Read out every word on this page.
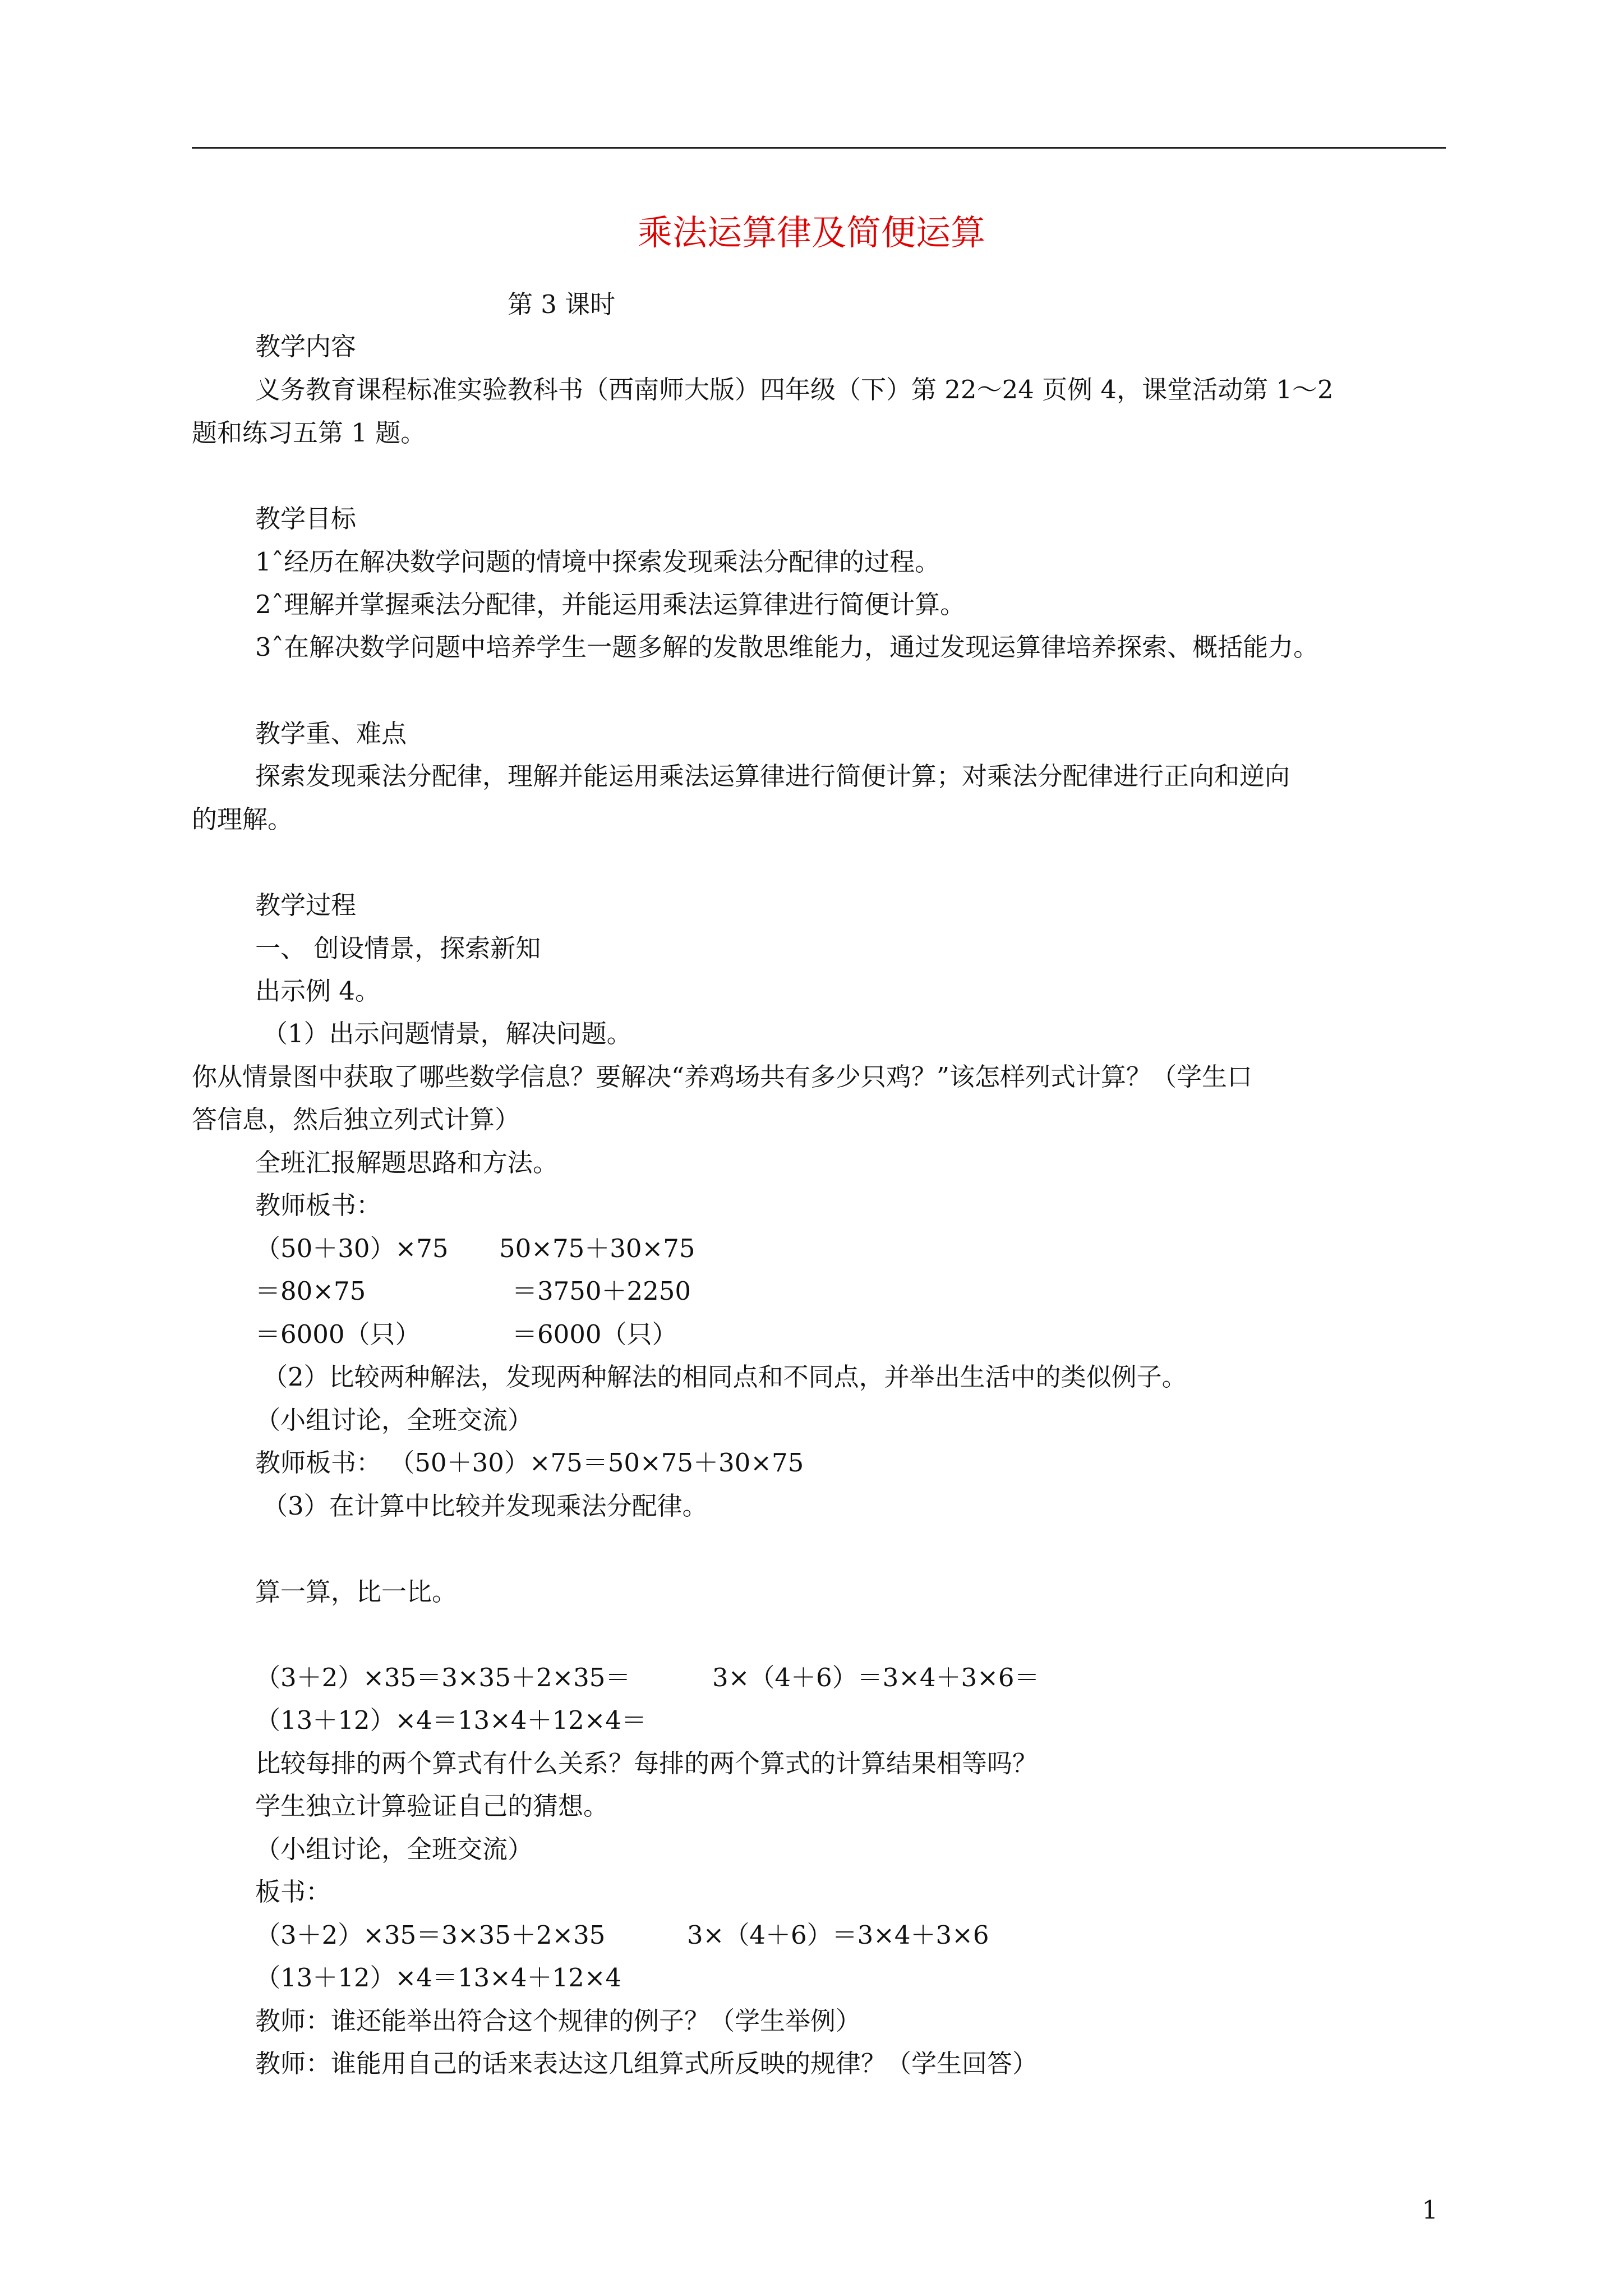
乘法运算律及简便运算
第 3 课时
教学内容
义务教育课程标准实验教科书（西南师大版）四年级（下）第 22～24 页例 4，课堂活动第 1～2
题和练习五第 1 题。
教学目标
1ˆ经历在解决数学问题的情境中探索发现乘法分配律的过程。
2ˆ理解并掌握乘法分配律，并能运用乘法运算律进行简便计算。
3ˆ在解决数学问题中培养学生一题多解的发散思维能力，通过发现运算律培养探索、概括能力。
教学重、难点
探索发现乘法分配律，理解并能运用乘法运算律进行简便计算；对乘法分配律进行正向和逆向
的理解。
教学过程
一、 创设情景，探索新知
出示例 4。
（1）出示问题情景，解决问题。
你从情景图中获取了哪些数学信息？要解决“养鸡场共有多少只鸡？”该怎样列式计算？（学生口
答信息，然后独立列式计算）
全班汇报解题思路和方法。
教师板书：
（50＋30）×75 50×75＋30×75
＝80×75	＝3750＋2250
＝6000（只）	＝6000（只）
（2）比较两种解法，发现两种解法的相同点和不同点，并举出生活中的类似例子。
（小组讨论，全班交流）
教师板书： （50＋30）×75＝50×75＋30×75
（3）在计算中比较并发现乘法分配律。
算一算，比一比。
（3＋2）×35＝3×35＋2×35＝	3×（4＋6）＝3×4＋3×6＝
（13＋12）×4＝13×4＋12×4＝
比较每排的两个算式有什么关系？每排的两个算式的计算结果相等吗？
学生独立计算验证自己的猜想。
（小组讨论，全班交流）
板书：
（3＋2）×35＝3×35＋2×35	3×（4＋6）＝3×4＋3×6
（13＋12）×4＝13×4＋12×4
教师：谁还能举出符合这个规律的例子？（学生举例）
教师：谁能用自己的话来表达这几组算式所反映的规律？（学生回答）
1
